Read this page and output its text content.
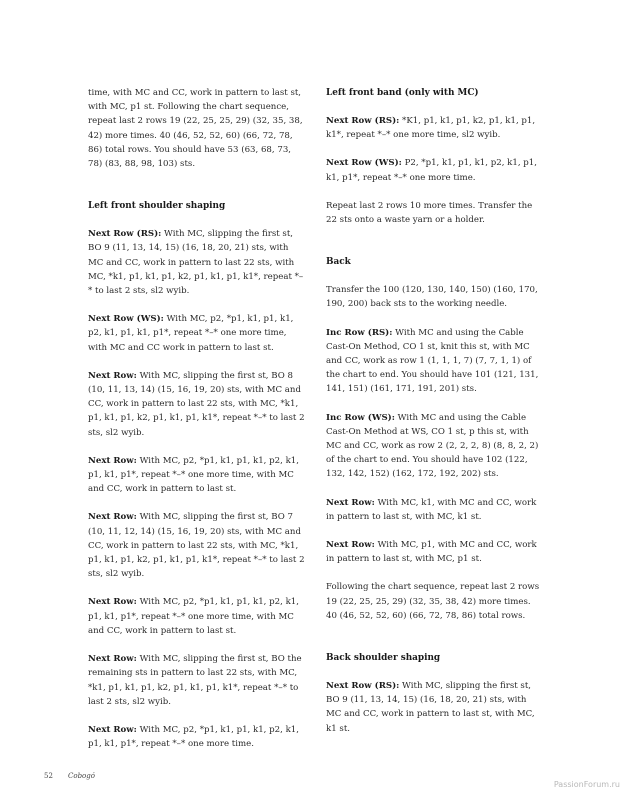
time, with MC and CC, work in pattern to last st, with MC, p1 st. Following the chart sequence, repeat last 2 rows 19 (22, 25, 25, 29) (32, 35, 38, 42) more times. 40 (46, 52, 52, 60) (66, 72, 78, 86) total rows. You should have 53 (63, 68, 73, 78) (83, 88, 98, 103) sts.

Left front shoulder shaping

Next Row (RS): With MC, slipping the first st, BO 9 (11, 13, 14, 15) (16, 18, 20, 21) sts, with MC and CC, work in pattern to last 22 sts, with MC, *k1, p1, k1, p1, k2, p1, k1, p1, k1*, repeat *–* to last 2 sts, sl2 wyib.

Next Row (WS): With MC, p2, *p1, k1, p1, k1, p2, k1, p1, k1, p1*, repeat *–* one more time, with MC and CC work in pattern to last st.

Next Row: With MC, slipping the first st, BO 8 (10, 11, 13, 14) (15, 16, 19, 20) sts, with MC and CC, work in pattern to last 22 sts, with MC, *k1, p1, k1, p1, k2, p1, k1, p1, k1*, repeat *–* to last 2 sts, sl2 wyib.

Next Row: With MC, p2, *p1, k1, p1, k1, p2, k1, p1, k1, p1*, repeat *–* one more time, with MC and CC, work in pattern to last st.

Next Row: With MC, slipping the first st, BO 7 (10, 11, 12, 14) (15, 16, 19, 20) sts, with MC and CC, work in pattern to last 22 sts, with MC, *k1, p1, k1, p1, k2, p1, k1, p1, k1*, repeat *–* to last 2 sts, sl2 wyib.

Next Row: With MC, p2, *p1, k1, p1, k1, p2, k1, p1, k1, p1*, repeat *–* one more time, with MC and CC, work in pattern to last st.

Next Row: With MC, slipping the first st, BO the remaining sts in pattern to last 22 sts, with MC, *k1, p1, k1, p1, k2, p1, k1, p1, k1*, repeat *–* to last 2 sts, sl2 wyib.

Next Row: With MC, p2, *p1, k1, p1, k1, p2, k1, p1, k1, p1*, repeat *–* one more time.

Left front band (only with MC)

Next Row (RS): *K1, p1, k1, p1, k2, p1, k1, p1, k1*, repeat *–* one more time, sl2 wyib.

Next Row (WS): P2, *p1, k1, p1, k1, p2, k1, p1, k1, p1*, repeat *–* one more time.

Repeat last 2 rows 10 more times. Transfer the 22 sts onto a waste yarn or a holder.

Back

Transfer the 100 (120, 130, 140, 150) (160, 170, 190, 200) back sts to the working needle.

Inc Row (RS): With MC and using the Cable Cast-On Method, CO 1 st, knit this st, with MC and CC, work as row 1 (1, 1, 1, 7) (7, 7, 1, 1) of the chart to end. You should have 101 (121, 131, 141, 151) (161, 171, 191, 201) sts.

Inc Row (WS): With MC and using the Cable Cast-On Method at WS, CO 1 st, p this st, with MC and CC, work as row 2 (2, 2, 2, 8) (8, 8, 2, 2) of the chart to end. You should have 102 (122, 132, 142, 152) (162, 172, 192, 202) sts.

Next Row: With MC, k1, with MC and CC, work in pattern to last st, with MC, k1 st.

Next Row: With MC, p1, with MC and CC, work in pattern to last st, with MC, p1 st.

Following the chart sequence, repeat last 2 rows 19 (22, 25, 25, 29) (32, 35, 38, 42) more times. 40 (46, 52, 52, 60) (66, 72, 78, 86) total rows.

Back shoulder shaping

Next Row (RS): With MC, slipping the first st, BO 9 (11, 13, 14, 15) (16, 18, 20, 21) sts, with MC and CC, work in pattern to last st, with MC, k1 st.

52 Cobogó
PassionForum.ru
